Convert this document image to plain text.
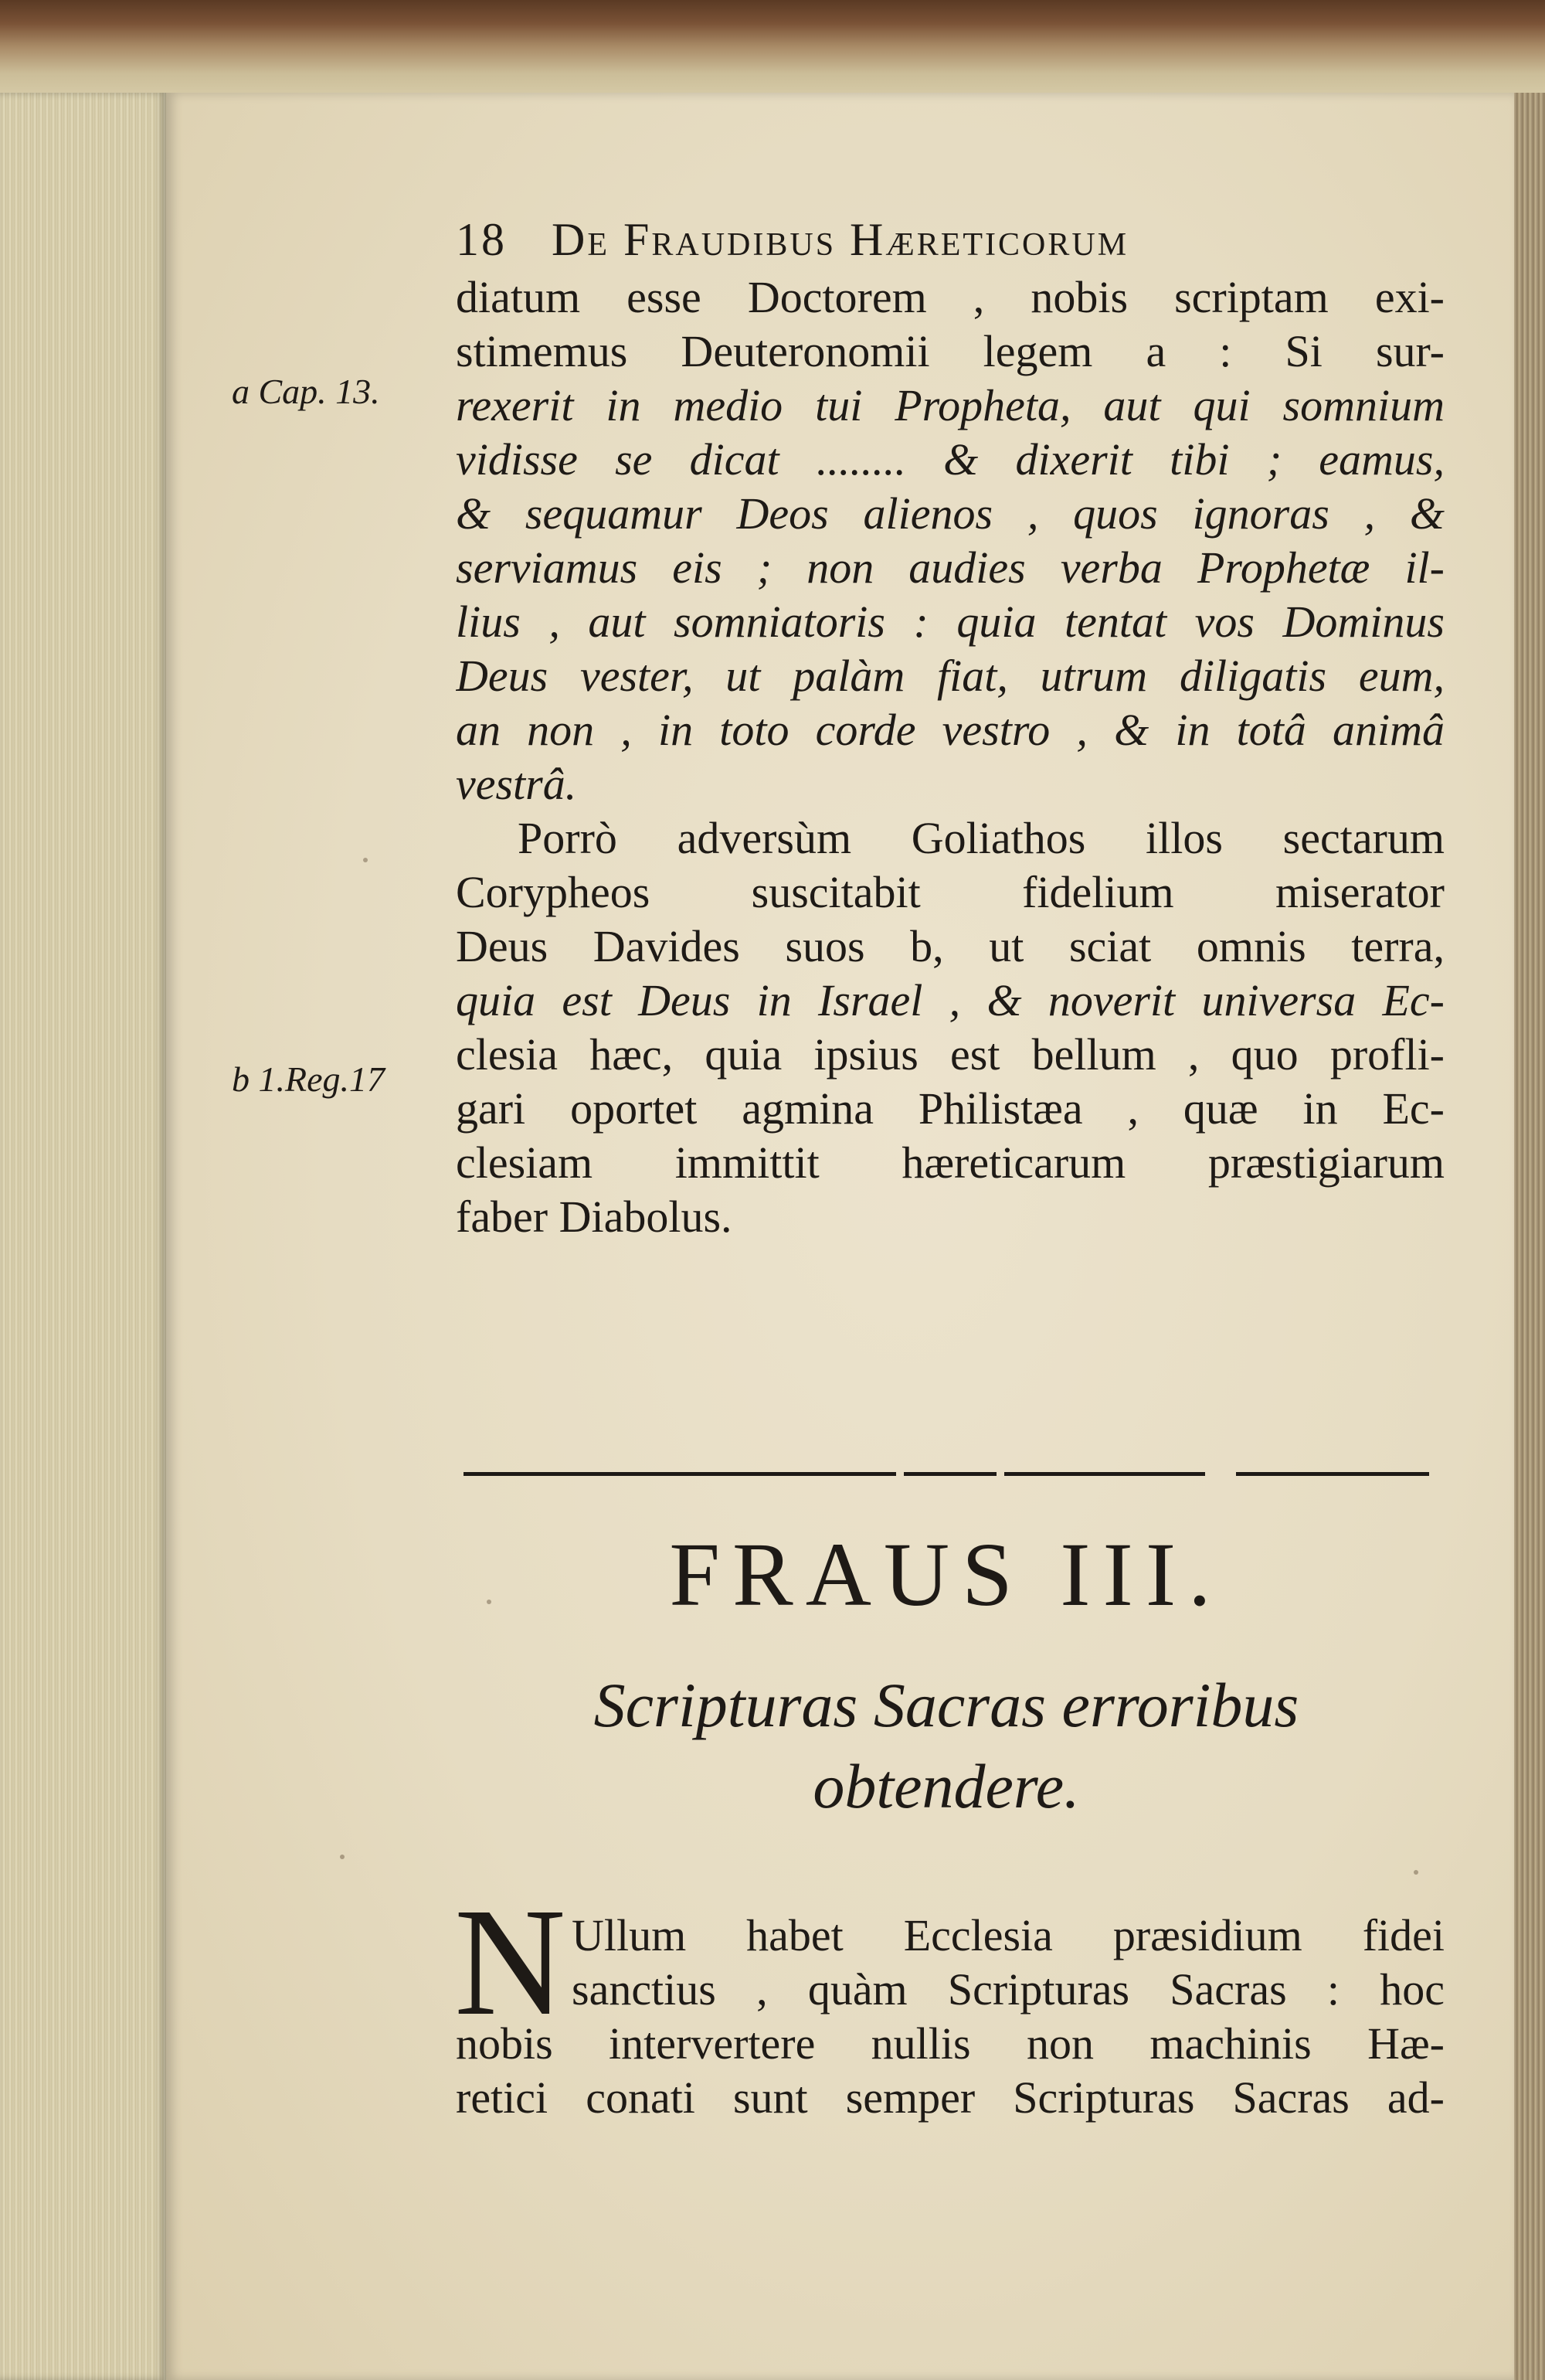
a Cap. 13.
b 1.Reg.17
18 De Fraudibus Hæreticorum
diatum esse Doctorem , nobis scriptam exi-
stimemus Deuteronomii legem a : Si sur-
rexerit in medio tui Propheta, aut qui somnium
vidisse se dicat ........ & dixerit tibi ; eamus,
& sequamur Deos alienos , quos ignoras , &
serviamus eis ; non audies verba Prophetæ il-
lius , aut somniatoris : quia tentat vos Dominus
Deus vester, ut palàm fiat, utrum diligatis eum,
an non , in toto corde vestro , & in totâ animâ
vestrâ.
Porrò adversùm Goliathos illos sectarum
Corypheos suscitabit fidelium miserator
Deus Davides suos b, ut sciat omnis terra,
quia est Deus in Israel , & noverit universa Ec-
clesia hæc, quia ipsius est bellum , quo profli-
gari oportet agmina Philistæa , quæ in Ec-
clesiam immittit hæreticarum præstigiarum
faber Diabolus.
FRAUS III.
Scripturas Sacras erroribus
obtendere.
N Ullum habet Ecclesia præsidium fidei
sanctius , quàm Scripturas Sacras : hoc
nobis intervertere nullis non machinis Hæ-
retici conati sunt semper Scripturas Sacras ad-
